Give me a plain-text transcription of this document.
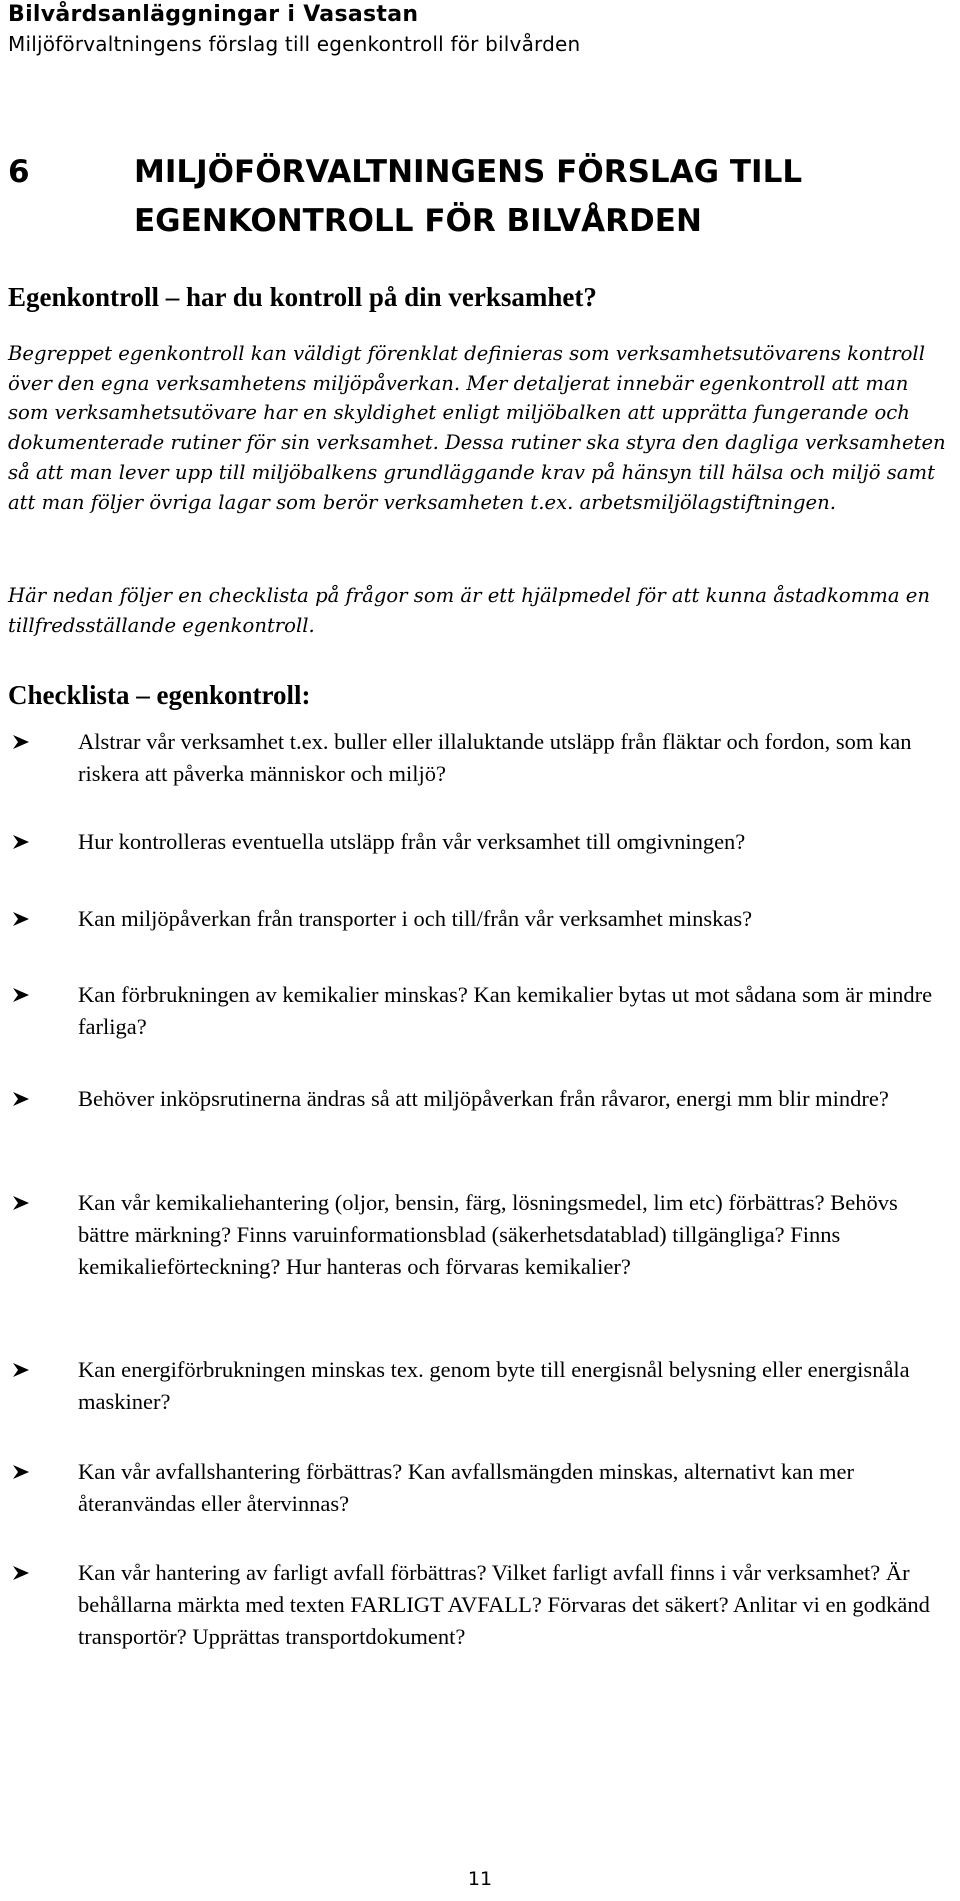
Bilvårdsanläggningar i Vasastan
Miljöförvaltningens förslag till egenkontroll för bilvården
6	MILJÖFÖRVALTNINGENS FÖRSLAG TILL EGENKONTROLL FÖR BILVÅRDEN
Egenkontroll – har du kontroll på din verksamhet?
Begreppet egenkontroll kan väldigt förenklat definieras som verksamhetsutövarens kontroll över den egna verksamhetens miljöpåverkan. Mer detaljerat innebär egenkontroll att man som verksamhetsutövare har en skyldighet enligt miljöbalken att upprätta fungerande och dokumenterade rutiner för sin verksamhet. Dessa rutiner ska styra den dagliga verksamheten så att man lever upp till miljöbalkens grundläggande krav på hänsyn till hälsa och miljö samt att man följer övriga lagar som berör verksamheten t.ex. arbetsmiljölagstiftningen.
Här nedan följer en checklista på frågor som är ett hjälpmedel för att kunna åstadkomma en tillfredsställande egenkontroll.
Checklista – egenkontroll:
Alstrar vår verksamhet t.ex. buller eller illaluktande utsläpp från fläktar och fordon, som kan riskera att påverka människor och miljö?
Hur kontrolleras eventuella utsläpp från vår verksamhet till omgivningen?
Kan miljöpåverkan från transporter i och till/från vår verksamhet minskas?
Kan förbrukningen av kemikalier minskas? Kan kemikalier bytas ut mot sådana som är mindre farliga?
Behöver inköpsrutinerna ändras så att miljöpåverkan från råvaror, energi mm blir mindre?
Kan vår kemikaliehantering (oljor, bensin, färg, lösningsmedel, lim etc) förbättras? Behövs bättre märkning? Finns varuinformationsblad (säkerhetsdatablad) tillgängliga? Finns kemikalieförteckning? Hur hanteras och förvaras kemikalier?
Kan energiförbrukningen minskas tex. genom byte till energisnål belysning eller energisnåla maskiner?
Kan vår avfallshantering förbättras? Kan avfallsmängden minskas, alternativt kan mer återanvändas eller återvinnas?
Kan vår hantering av farligt avfall förbättras? Vilket farligt avfall finns i vår verksamhet? Är behållarna märkta med texten FARLIGT AVFALL? Förvaras det säkert? Anlitar vi en godkänd transportör? Upprättas transportdokument?
11
